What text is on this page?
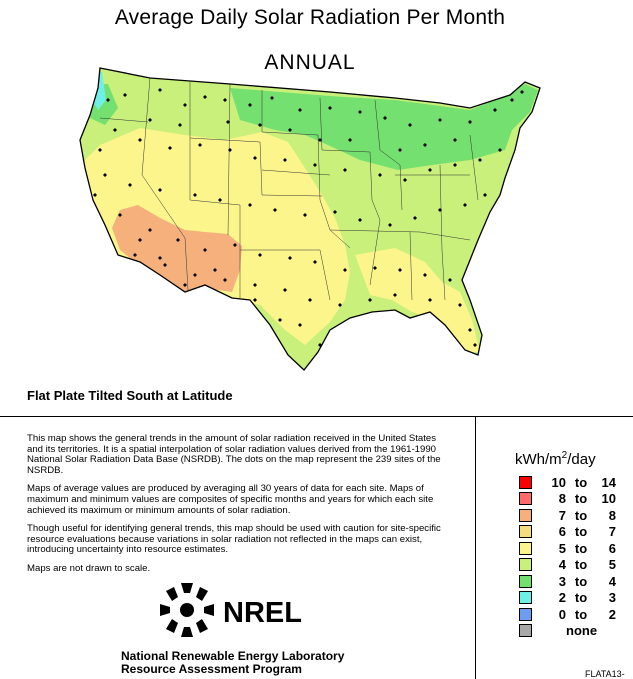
Average Daily Solar Radiation Per Month
ANNUAL
Flat Plate Tilted South at Latitude

This map shows the general trends in the amount of solar radiation received in the United States and its territories. It is a spatial interpolation of solar radiation values derived from the 1961-1990 National Solar Radiation Data Base (NSRDB). The dots on the map represent the 239 sites of the NSRDB.

Maps of average values are produced by averaging all 30 years of data for each site. Maps of maximum and minimum values are composites of specific months and years for which each site achieved its maximum or minimum amounts of solar radiation.

Though useful for identifying general trends, this map should be used with caution for site-specific resource evaluations because variations in solar radiation not reflected in the maps can exist, introducing uncertainty into resource estimates.

Maps are not drawn to scale.

NREL
National Renewable Energy Laboratory
Resource Assessment Program
kWh/$m^2$/day
10 to	14
8 to	10
7 to	8
6 to	7
5 to	6
4 to	5
3 to	4
2 to	3
0 to	2
none
FLATA13-
